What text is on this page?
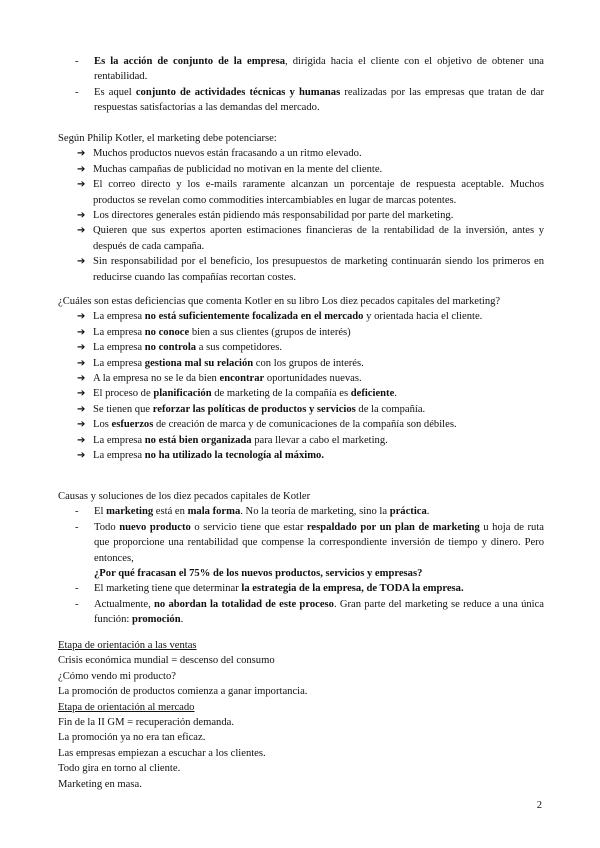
- Es la acción de conjunto de la empresa, dirigida hacia el cliente con el objetivo de obtener una rentabilidad.
- Es aquel conjunto de actividades técnicas y humanas realizadas por las empresas que tratan de dar respuestas satisfactorias a las demandas del mercado.

Según Philip Kotler, el marketing debe potenciarse:

➔ Muchos productos nuevos están fracasando a un ritmo elevado.
➔ Muchas campañas de publicidad no motivan en la mente del cliente.
➔ El correo directo y los e-mails raramente alcanzan un porcentaje de respuesta aceptable. Muchos productos se revelan como commodities intercambiables en lugar de marcas potentes.
➔ Los directores generales están pidiendo más responsabilidad por parte del marketing.
➔ Quieren que sus expertos aporten estimaciones financieras de la rentabilidad de la inversión, antes y después de cada campaña.
➔ Sin responsabilidad por el beneficio, los presupuestos de marketing continuarán siendo los primeros en reducirse cuando las compañías recortan costes.

¿Cuáles son estas deficiencias que comenta Kotler en su libro Los diez pecados capitales del marketing?

➔ La empresa no está suficientemente focalizada en el mercado y orientada hacia el cliente.
➔ La empresa no conoce bien a sus clientes (grupos de interés)
➔ La empresa no controla a sus competidores.
➔ La empresa gestiona mal su relación con los grupos de interés.
➔ A la empresa no se le da bien encontrar oportunidades nuevas.
➔ El proceso de planificación de marketing de la compañía es deficiente.
➔ Se tienen que reforzar las políticas de productos y servicios de la compañía.
➔ Los esfuerzos de creación de marca y de comunicaciones de la compañía son débiles.
➔ La empresa no está bien organizada para llevar a cabo el marketing.
➔ La empresa no ha utilizado la tecnología al máximo.

Causas y soluciones de los diez pecados capitales de Kotler

- El marketing está en mala forma. No la teoría de marketing, sino la práctica.
- Todo nuevo producto o servicio tiene que estar respaldado por un plan de marketing u hoja de ruta que proporcione una rentabilidad que compense la correspondiente inversión de tiempo y dinero. Pero entonces,
¿Por qué fracasan el 75% de los nuevos productos, servicios y empresas?
- El marketing tiene que determinar la estrategia de la empresa, de TODA la empresa.
- Actualmente, no abordan la totalidad de este proceso. Gran parte del marketing se reduce a una única función: promoción.

Etapa de orientación a las ventas

Crisis económica mundial = descenso del consumo

¿Cómo vendo mi producto?

La promoción de productos comienza a ganar importancia.

Etapa de orientación al mercado

Fin de la II GM = recuperación demanda.

La promoción ya no era tan eficaz.

Las empresas empiezan a escuchar a los clientes.

Todo gira en torno al cliente.

Marketing en masa.

2
